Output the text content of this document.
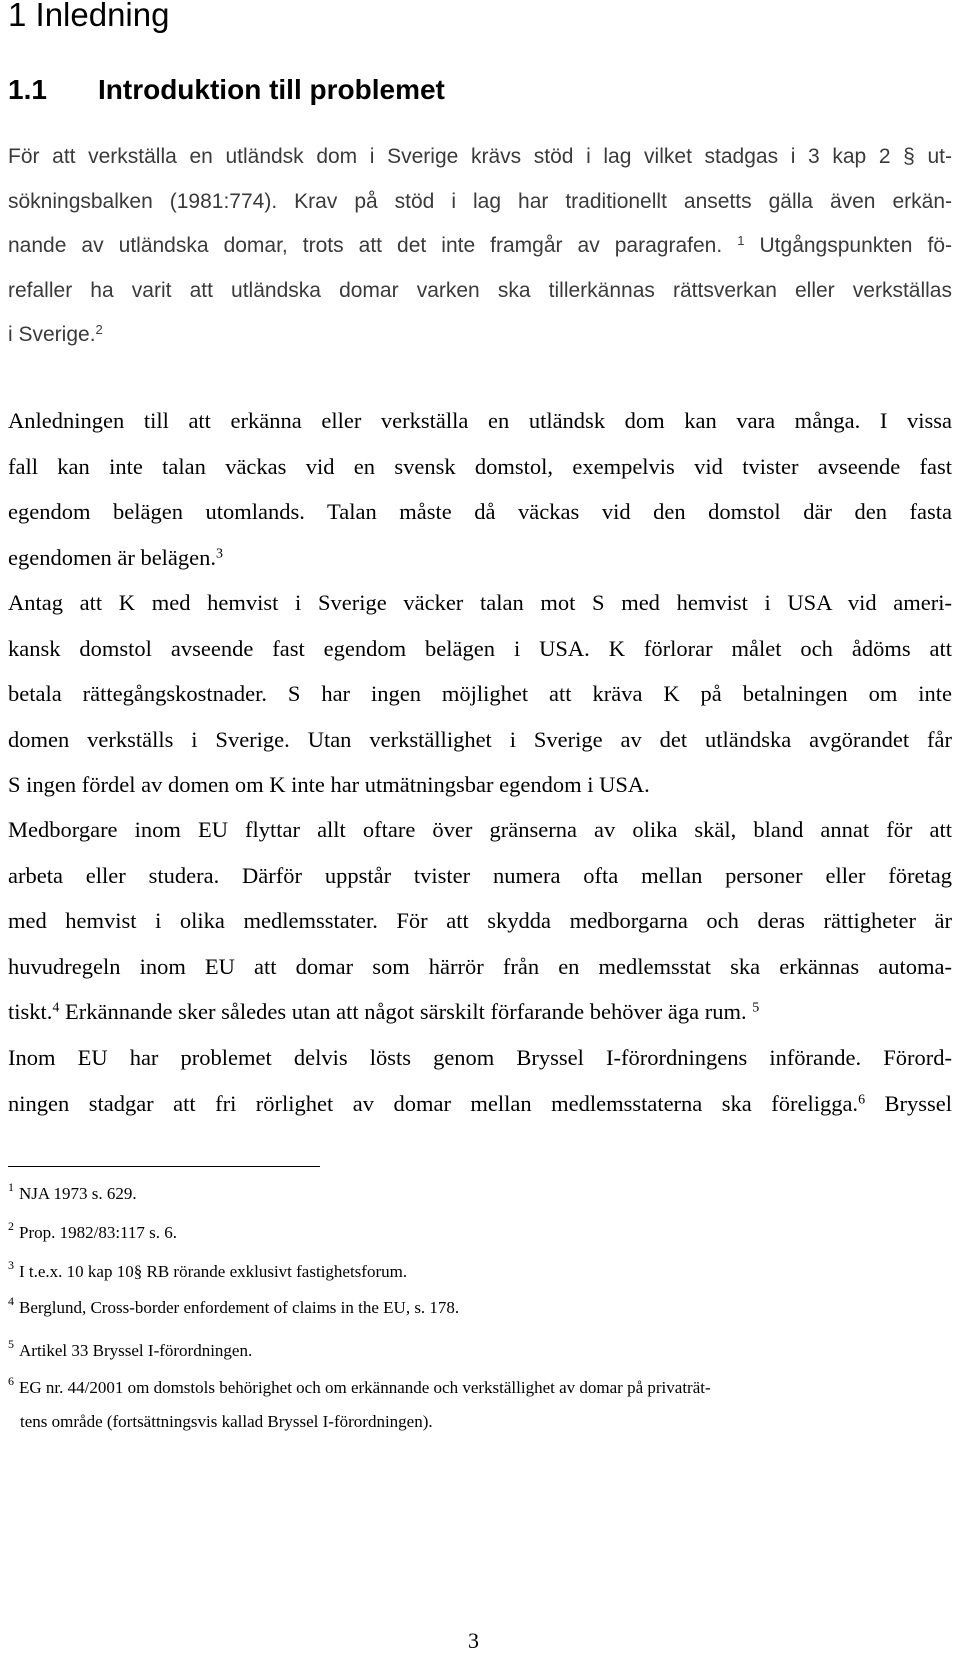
1 Inledning
1.1 Introduktion till problemet
För att verkställa en utländsk dom i Sverige krävs stöd i lag vilket stadgas i 3 kap 2 § ut-
sökningsbalken (1981:774). Krav på stöd i lag har traditionellt ansetts gälla även erkän-
nande av utländska domar, trots att det inte framgår av paragrafen. $^1$ Utgångspunkten fö-
refaller ha varit att utländska domar varken ska tillerkännas rättsverkan eller verkställas
i Sverige.$^2$
Anledningen till att erkänna eller verkställa en utländsk dom kan vara många. I vissa
fall kan inte talan väckas vid en svensk domstol, exempelvis vid tvister avseende fast
egendom belägen utomlands. Talan måste då väckas vid den domstol där den fasta
egendomen är belägen.$^3$
Antag att K med hemvist i Sverige väcker talan mot S med hemvist i USA vid ameri-
kansk domstol avseende fast egendom belägen i USA. K förlorar målet och ådöms att
betala rättegångskostnader. S har ingen möjlighet att kräva K på betalningen om inte
domen verkställs i Sverige. Utan verkställighet i Sverige av det utländska avgörandet får
S ingen fördel av domen om K inte har utmätningsbar egendom i USA.
Medborgare inom EU flyttar allt oftare över gränserna av olika skäl, bland annat för att
arbeta eller studera. Därför uppstår tvister numera ofta mellan personer eller företag
med hemvist i olika medlemsstater. För att skydda medborgarna och deras rättigheter är
huvudregeln inom EU att domar som härrör från en medlemsstat ska erkännas automa-
tiskt.$^4$ Erkännande sker således utan att något särskilt förfarande behöver äga rum. $^5$
Inom EU har problemet delvis lösts genom Bryssel I-förordningens införande. Förord-
ningen stadgar att fri rörlighet av domar mellan medlemsstaterna ska föreligga.$^6$ Bryssel
$^1$ NJA 1973 s. 629.
$^2$ Prop. 1982/83:117 s. 6.
$^3$ I t.e.x. 10 kap 10§ RB rörande exklusivt fastighetsforum.
$^4$ Berglund, Cross-border enfordement of claims in the EU, s. 178.
$^5$ Artikel 33 Bryssel I-förordningen.
$^6$ EG nr. 44/2001 om domstols behörighet och om erkännande och verkställighet av domar på privaträt-
tens område (fortsättningsvis kallad Bryssel I-förordningen).
3
